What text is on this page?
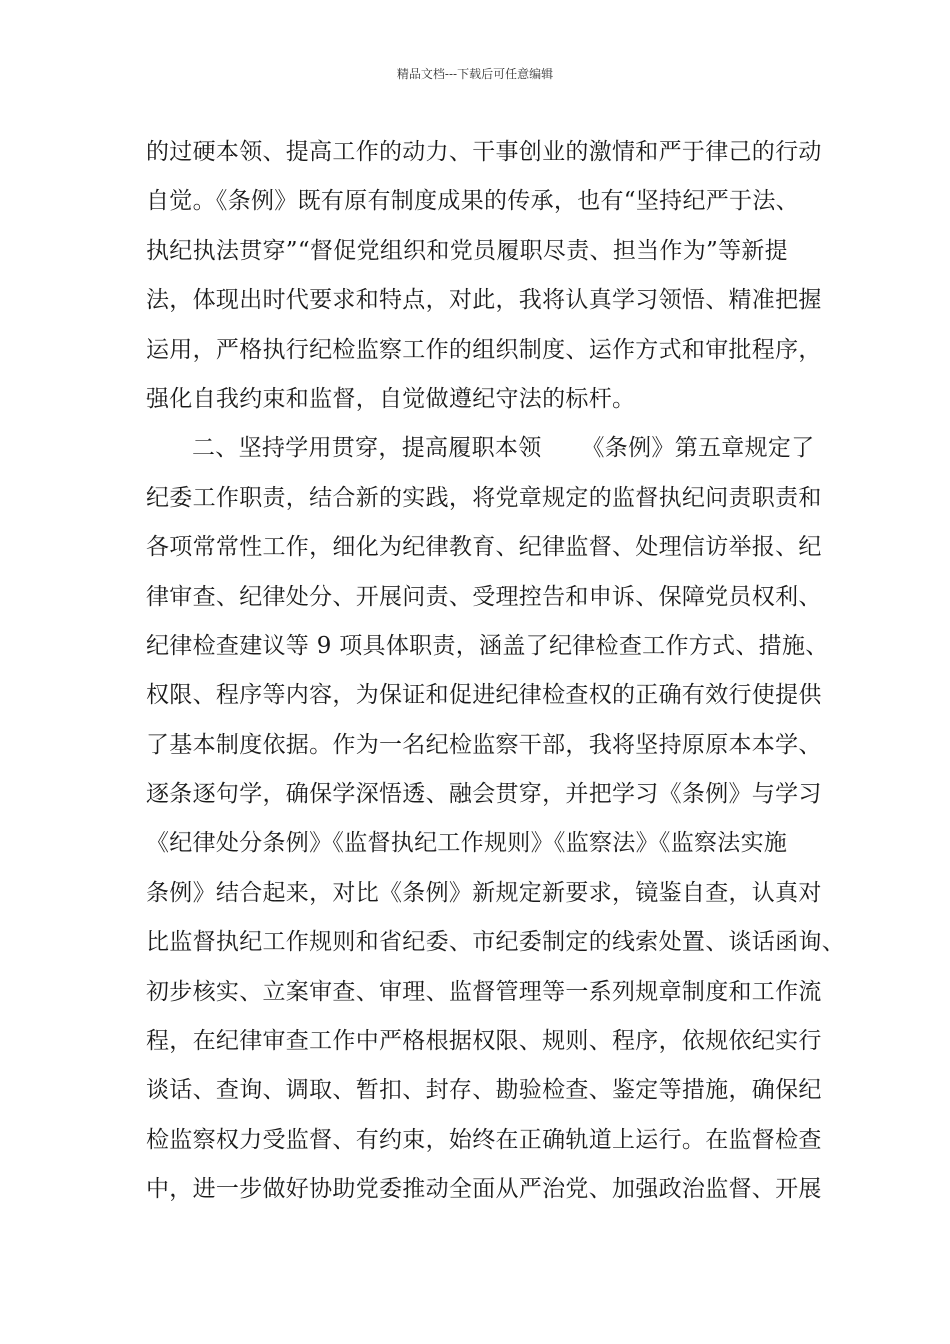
精品文档---下载后可任意编辑
的过硬本领、提高工作的动力、干事创业的激情和严于律己的行动
自觉。《条例》既有原有制度成果的传承，也有“坚持纪严于法、
执纪执法贯穿”“督促党组织和党员履职尽责、担当作为”等新提
法，体现出时代要求和特点，对此，我将认真学习领悟、精准把握
运用，严格执行纪检监察工作的组织制度、运作方式和审批程序，
强化自我约束和监督，自觉做遵纪守法的标杆。
二、坚持学用贯穿，提高履职本领 《条例》第五章规定了
纪委工作职责，结合新的实践，将党章规定的监督执纪问责职责和
各项常常性工作，细化为纪律教育、纪律监督、处理信访举报、纪
律审查、纪律处分、开展问责、受理控告和申诉、保障党员权利、
纪律检查建议等 9 项具体职责，涵盖了纪律检查工作方式、措施、
权限、程序等内容，为保证和促进纪律检查权的正确有效行使提供
了基本制度依据。作为一名纪检监察干部，我将坚持原原本本学、
逐条逐句学，确保学深悟透、融会贯穿，并把学习《条例》与学习
《纪律处分条例》《监督执纪工作规则》《监察法》《监察法实施
条例》结合起来，对比《条例》新规定新要求，镜鉴自查，认真对
比监督执纪工作规则和省纪委、市纪委制定的线索处置、谈话函询、
初步核实、立案审查、审理、监督管理等一系列规章制度和工作流
程，在纪律审查工作中严格根据权限、规则、程序，依规依纪实行
谈话、查询、调取、暂扣、封存、勘验检查、鉴定等措施，确保纪
检监察权力受监督、有约束，始终在正确轨道上运行。在监督检查
中，进一步做好协助党委推动全面从严治党、加强政治监督、开展
